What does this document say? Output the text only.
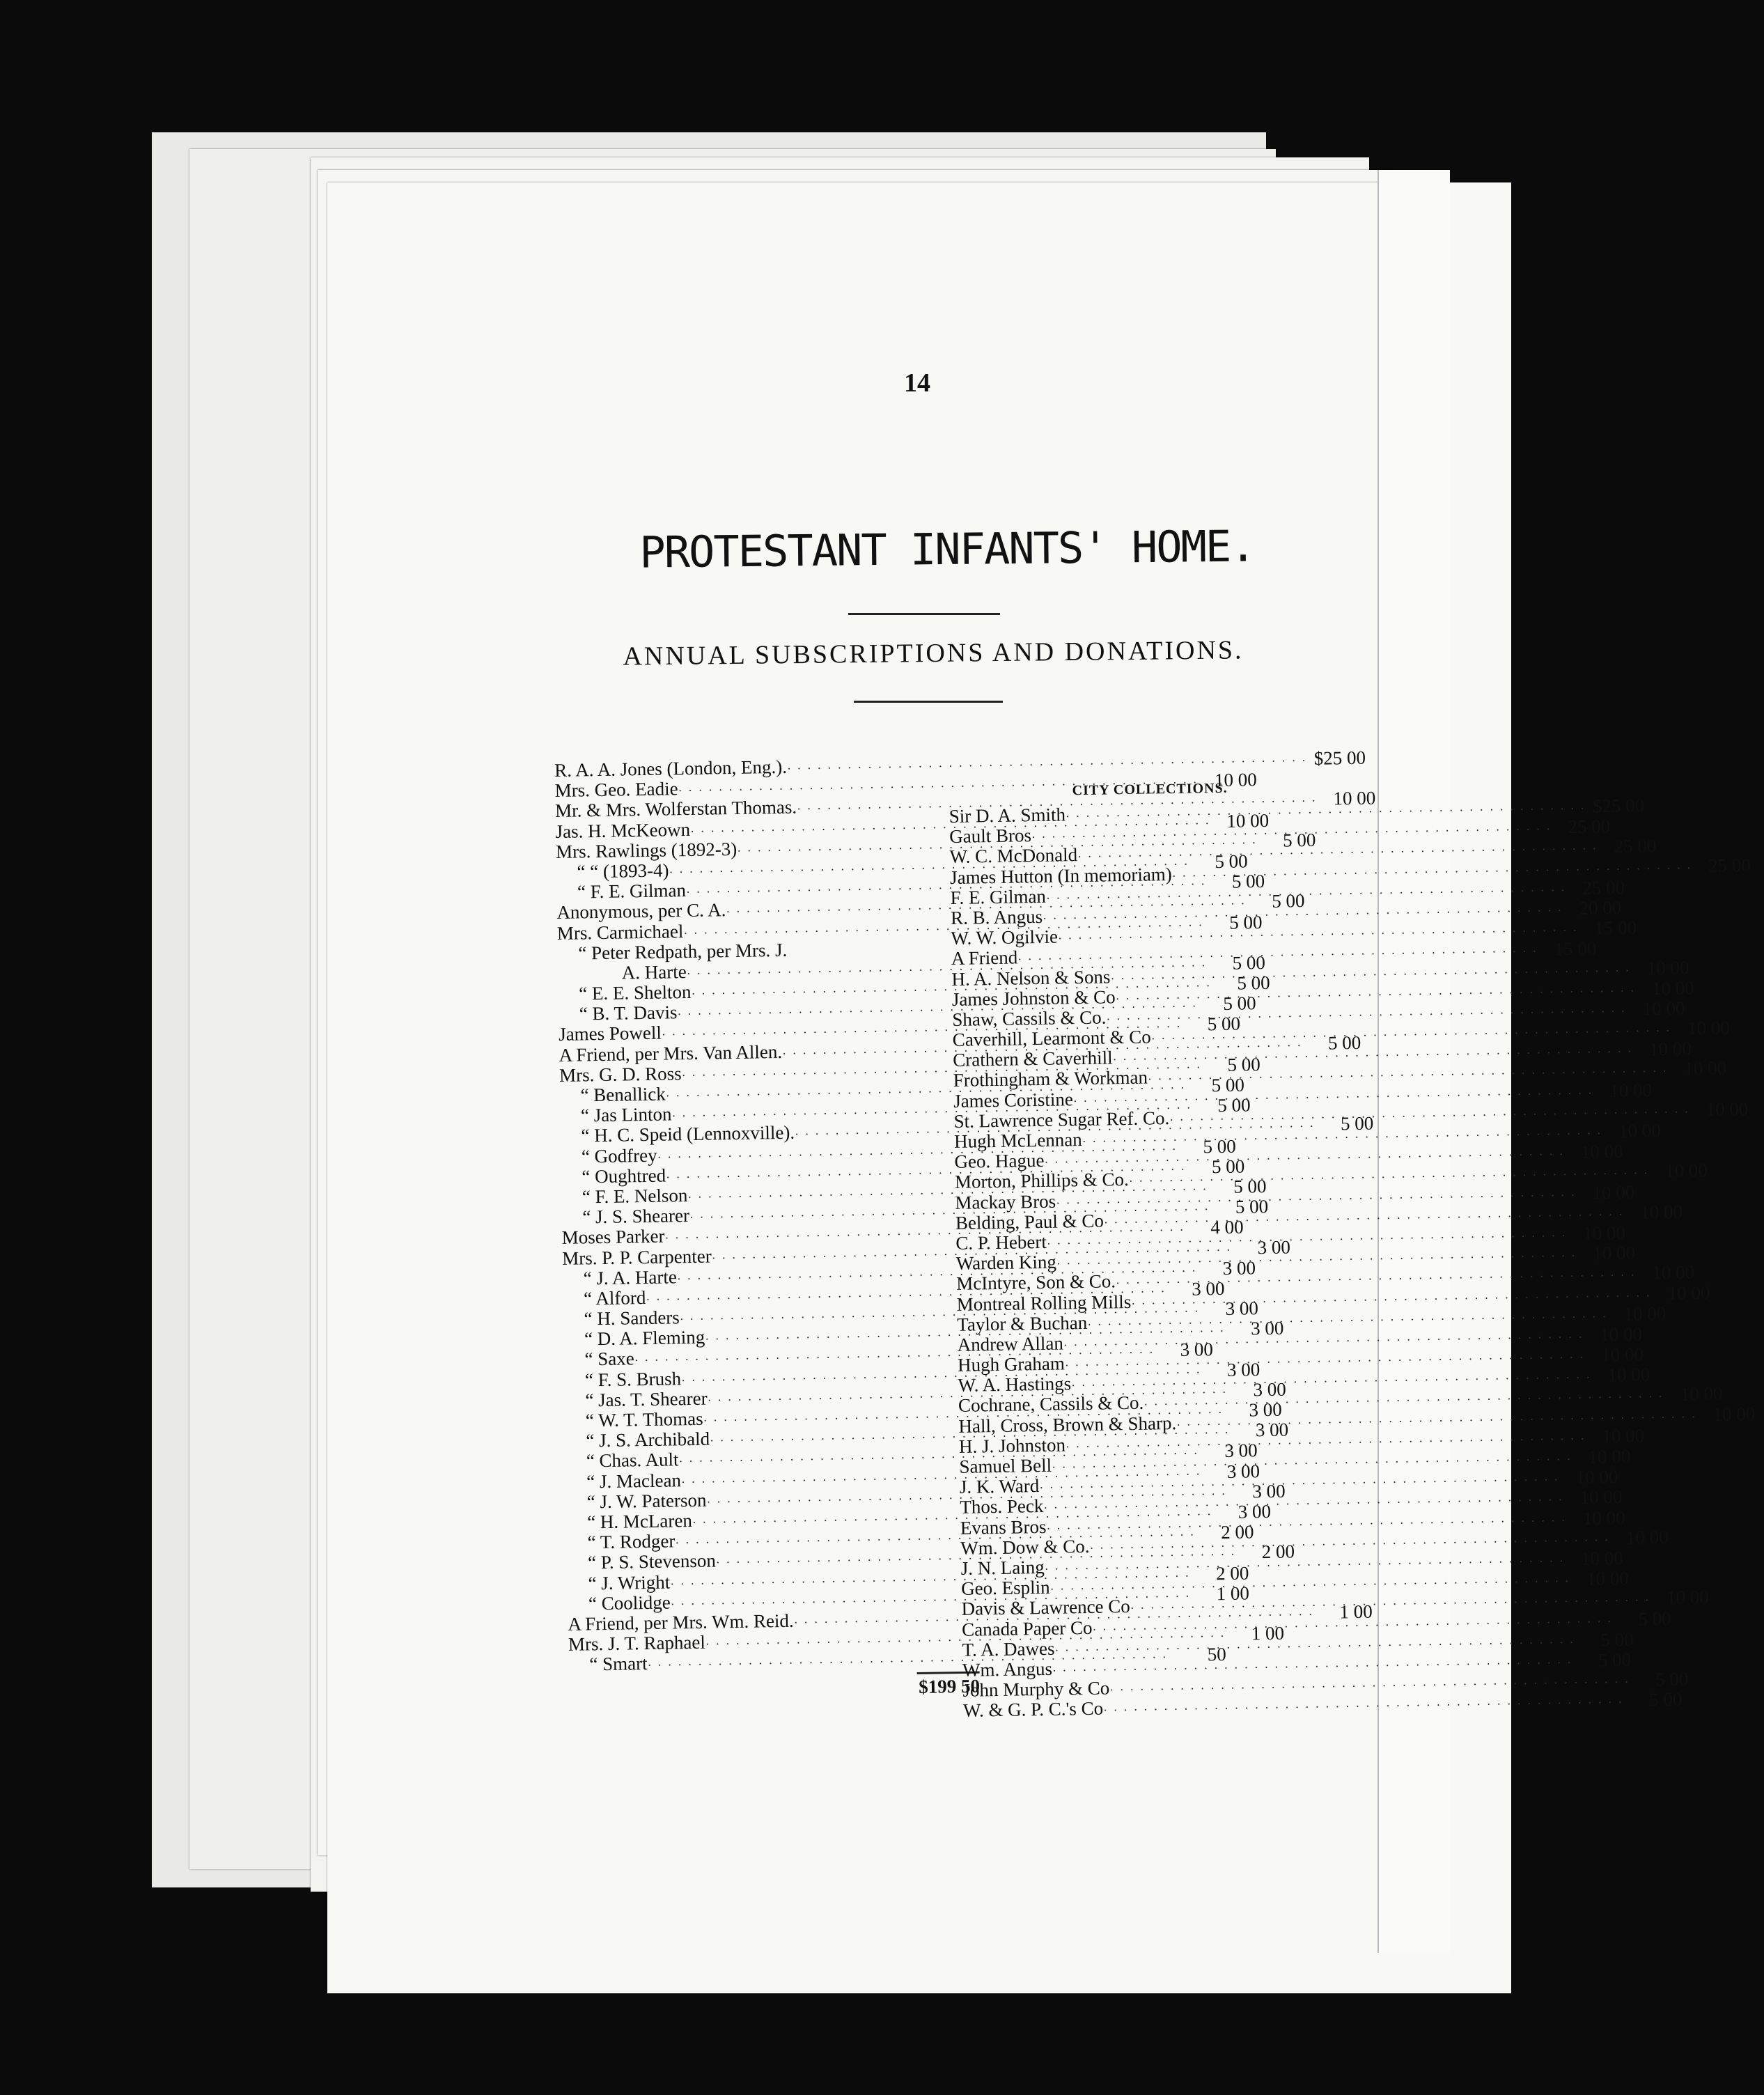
14
PROTESTANT INFANTS' HOME.
ANNUAL SUBSCRIPTIONS AND DONATIONS.
R. A. A. Jones (London, Eng.). · · ·	$25 00
Mrs. Geo. Eadie · · ·	10 00
Mr. & Mrs. Wolferstan Thomas. · · ·	10 00
Jas. H. McKeown · · ·	10 00
Mrs. Rawlings (1892-3) · · ·	5 00
“ “ (1893-4) · · ·	5 00
“ F. E. Gilman · · ·	5 00
Anonymous, per C. A. · · ·	5 00
Mrs. Carmichael · · ·	5 00
“ Peter Redpath, per Mrs. J.
A. Harte · · ·	5 00
“ E. E. Shelton · · ·	5 00
“ B. T. Davis · · ·	5 00
James Powell · · ·	5 00
A Friend, per Mrs. Van Allen. · · ·	5 00
Mrs. G. D. Ross · · ·	5 00
“ Benallick · · ·	5 00
“ Jas Linton · · ·	5 00
“ H. C. Speid (Lennoxville). · · ·	5 00
“ Godfrey · · ·	5 00
“ Oughtred · · ·	5 00
“ F. E. Nelson · · ·	5 00
“ J. S. Shearer · · ·	5 00
Moses Parker · · ·	4 00
Mrs. P. P. Carpenter · · ·	3 00
“ J. A. Harte · · ·	3 00
“ Alford · · ·	3 00
“ H. Sanders · · ·	3 00
“ D. A. Fleming · · ·	3 00
“ Saxe · · ·	3 00
“ F. S. Brush · · ·	3 00
“ Jas. T. Shearer · · ·	3 00
“ W. T. Thomas · · ·	3 00
“ J. S. Archibald · · ·	3 00
“ Chas. Ault · · ·	3 00
“ J. Maclean · · ·	3 00
“ J. W. Paterson · · ·	3 00
“ H. McLaren · · ·	3 00
“ T. Rodger · · ·	2 00
“ P. S. Stevenson · · ·	2 00
“ J. Wright · · ·	2 00
“ Coolidge · · ·	1 00
A Friend, per Mrs. Wm. Reid. · · ·	1 00
Mrs. J. T. Raphael · · ·	1 00
“ Smart · · ·	50
$199 50
CITY COLLECTIONS.
Sir D. A. Smith · · ·	$25 00
Gault Bros · · ·	25 00
W. C. McDonald · · ·	25 00
James Hutton (In memoriam) · · ·	25 00
F. E. Gilman · · ·	25 00
R. B. Angus · · ·	20 00
W. W. Ogilvie · · ·	15 00
A Friend · · ·	15 00
H. A. Nelson & Sons · · ·	10 00
James Johnston & Co · · ·	10 00
Shaw, Cassils & Co. · · ·	10 00
Caverhill, Learmont & Co · · ·	10 00
Crathern & Caverhill · · ·	10 00
Frothingham & Workman · · ·	10 00
James Coristine · · ·	10 00
St. Lawrence Sugar Ref. Co. · · ·	10 00
Hugh McLennan · · ·	10 00
Geo. Hague · · ·	10 00
Morton, Phillips & Co. · · ·	10 00
Mackay Bros · · ·	10 00
Belding, Paul & Co · · ·	10 00
C. P. Hebert · · ·	10 00
Warden King · · ·	10 00
McIntyre, Son & Co. · · ·	10 00
Montreal Rolling Mills · · ·	10 00
Taylor & Buchan · · ·	10 00
Andrew Allan · · ·	10 00
Hugh Graham · · ·	10 00
W. A. Hastings · · ·	10 00
Cochrane, Cassils & Co. · · ·	10 00
Hall, Cross, Brown & Sharp. · · ·	10 00
H. J. Johnston · · ·	10 00
Samuel Bell · · ·	10 00
J. K. Ward · · ·	10 00
Thos. Peck · · ·	10 00
Evans Bros · · ·	10 00
Wm. Dow & Co. · · ·	10 00
J. N. Laing · · ·	10 00
Geo. Esplin · · ·	10 00
Davis & Lawrence Co · · ·	10 00
Canada Paper Co · · ·	5 00
T. A. Dawes · · ·	5 00
Wm. Angus · · ·	5 00
John Murphy & Co · · ·	5 00
W. & G. P. C.'s Co · · ·	5 00
